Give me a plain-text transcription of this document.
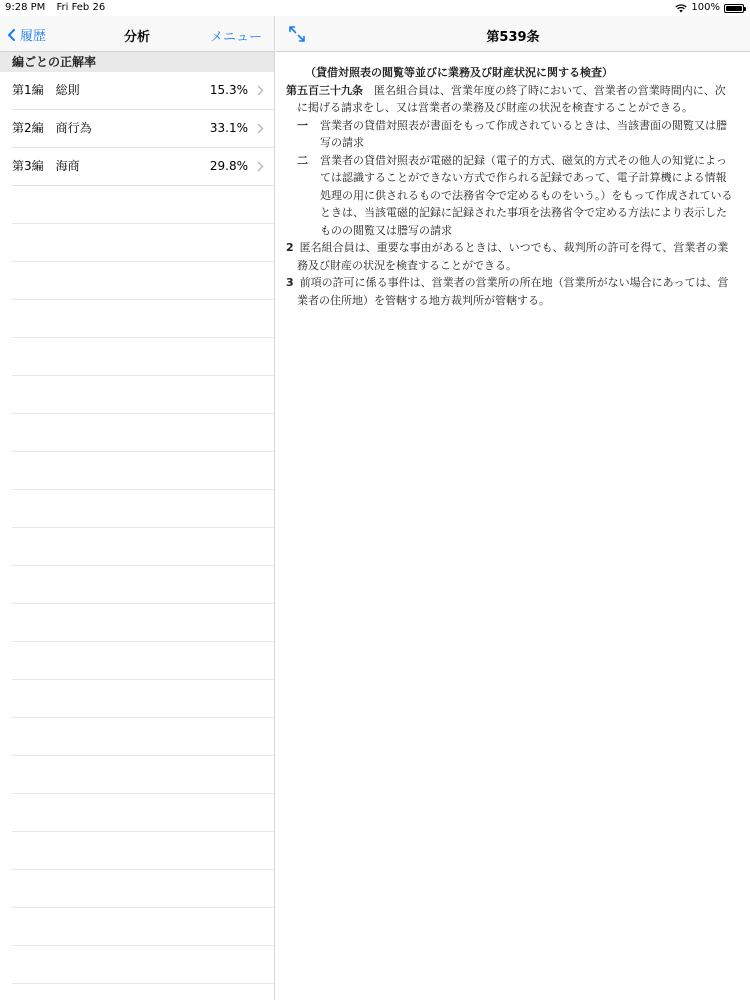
9:28 PM Fri Feb 26	100%
履歴	分析	メニュー
編ごとの正解率
第1編　総則	15.3%
第2編　商行為	33.1%
第3編　海商	29.8%
第539条
（貸借対照表の閲覧等並びに業務及び財産状況に関する検査）
第五百三十九条　 匿名組合員は、営業年度の終了時において、営業者の営業時間内に、次に掲げる請求をし、又は営業者の業務及び財産の状況を検査することができる。
一	営業者の貸借対照表が書面をもって作成されているときは、当該書面の閲覧又は謄写の請求
二	営業者の貸借対照表が電磁的記録（電子的方式、磁気的方式その他人の知覚によっては認識することができない方式で作られる記録であって、電子計算機による情報処理の用に供されるもので法務省令で定めるものをいう。）をもって作成されているときは、当該電磁的記録に記録された事項を法務省令で定める方法により表示したものの閲覧又は謄写の請求
2 匿名組合員は、重要な事由があるときは、いつでも、裁判所の許可を得て、営業者の業務及び財産の状況を検査することができる。
3 前項の許可に係る事件は、営業者の営業所の所在地（営業所がない場合にあっては、営業者の住所地）を管轄する地方裁判所が管轄する。
